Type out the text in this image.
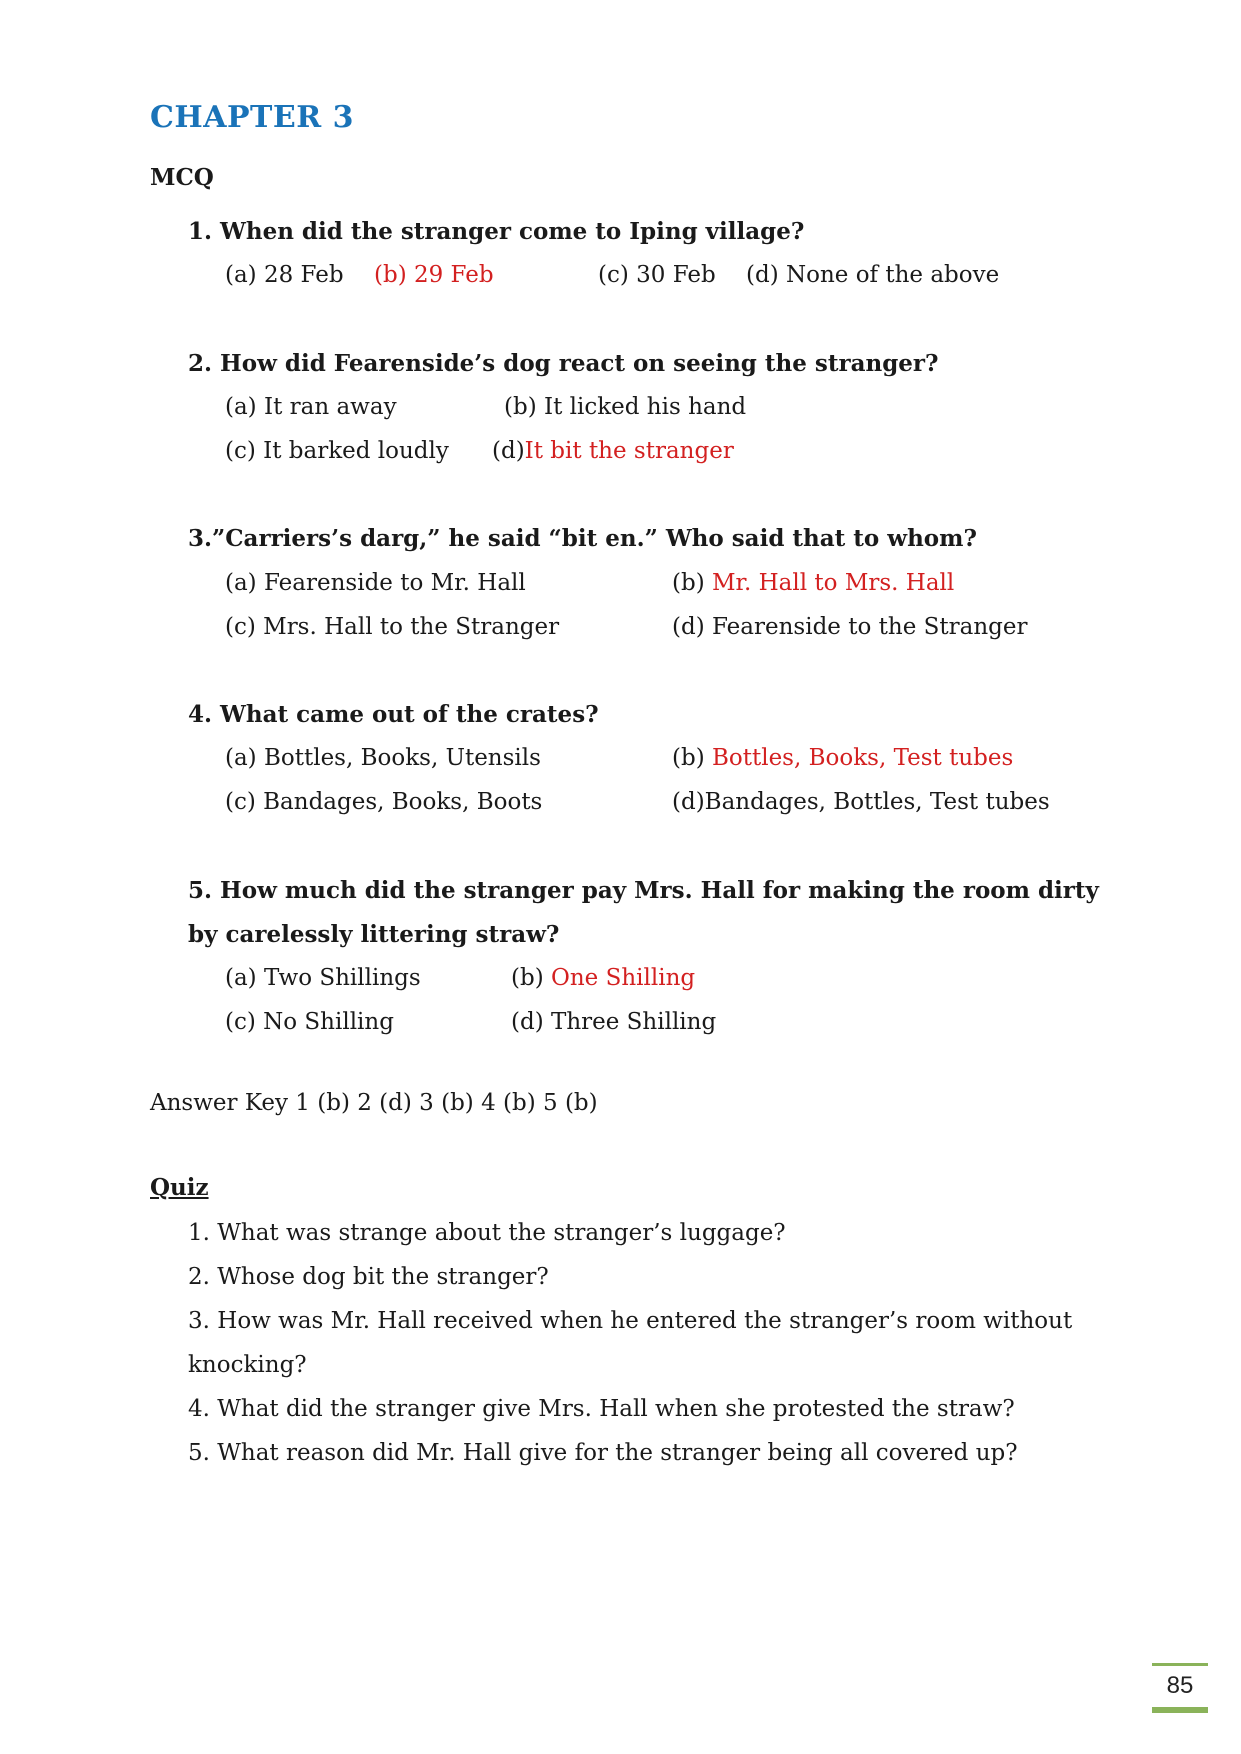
CHAPTER 3
MCQ
1. When did the stranger come to Iping village?
(a) 28 Feb (b) 29 Feb	(c) 30 Feb (d) None of the above
2. How did Fearenside’s dog react on seeing the stranger?
(a) It ran away	(b) It licked his hand
(c) It barked loudly (d)It bit the stranger
3.”Carriers’s darg,” he said “bit en.” Who said that to whom?
(a) Fearenside to Mr. Hall	(b) Mr. Hall to Mrs. Hall
(c) Mrs. Hall to the Stranger	(d) Fearenside to the Stranger
4. What came out of the crates?
(a) Bottles, Books, Utensils	(b) Bottles, Books, Test tubes
(c) Bandages, Books, Boots	(d)Bandages, Bottles, Test tubes
5. How much did the stranger pay Mrs. Hall for making the room dirty
by carelessly littering straw?
(a) Two Shillings	(b) One Shilling
(c) No Shilling	(d) Three Shilling
Answer Key 1 (b) 2 (d) 3 (b) 4 (b) 5 (b)
Quiz
1. What was strange about the stranger’s luggage?
2. Whose dog bit the stranger?
3. How was Mr. Hall received when he entered the stranger’s room without
knocking?
4. What did the stranger give Mrs. Hall when she protested the straw?
5. What reason did Mr. Hall give for the stranger being all covered up?
85
